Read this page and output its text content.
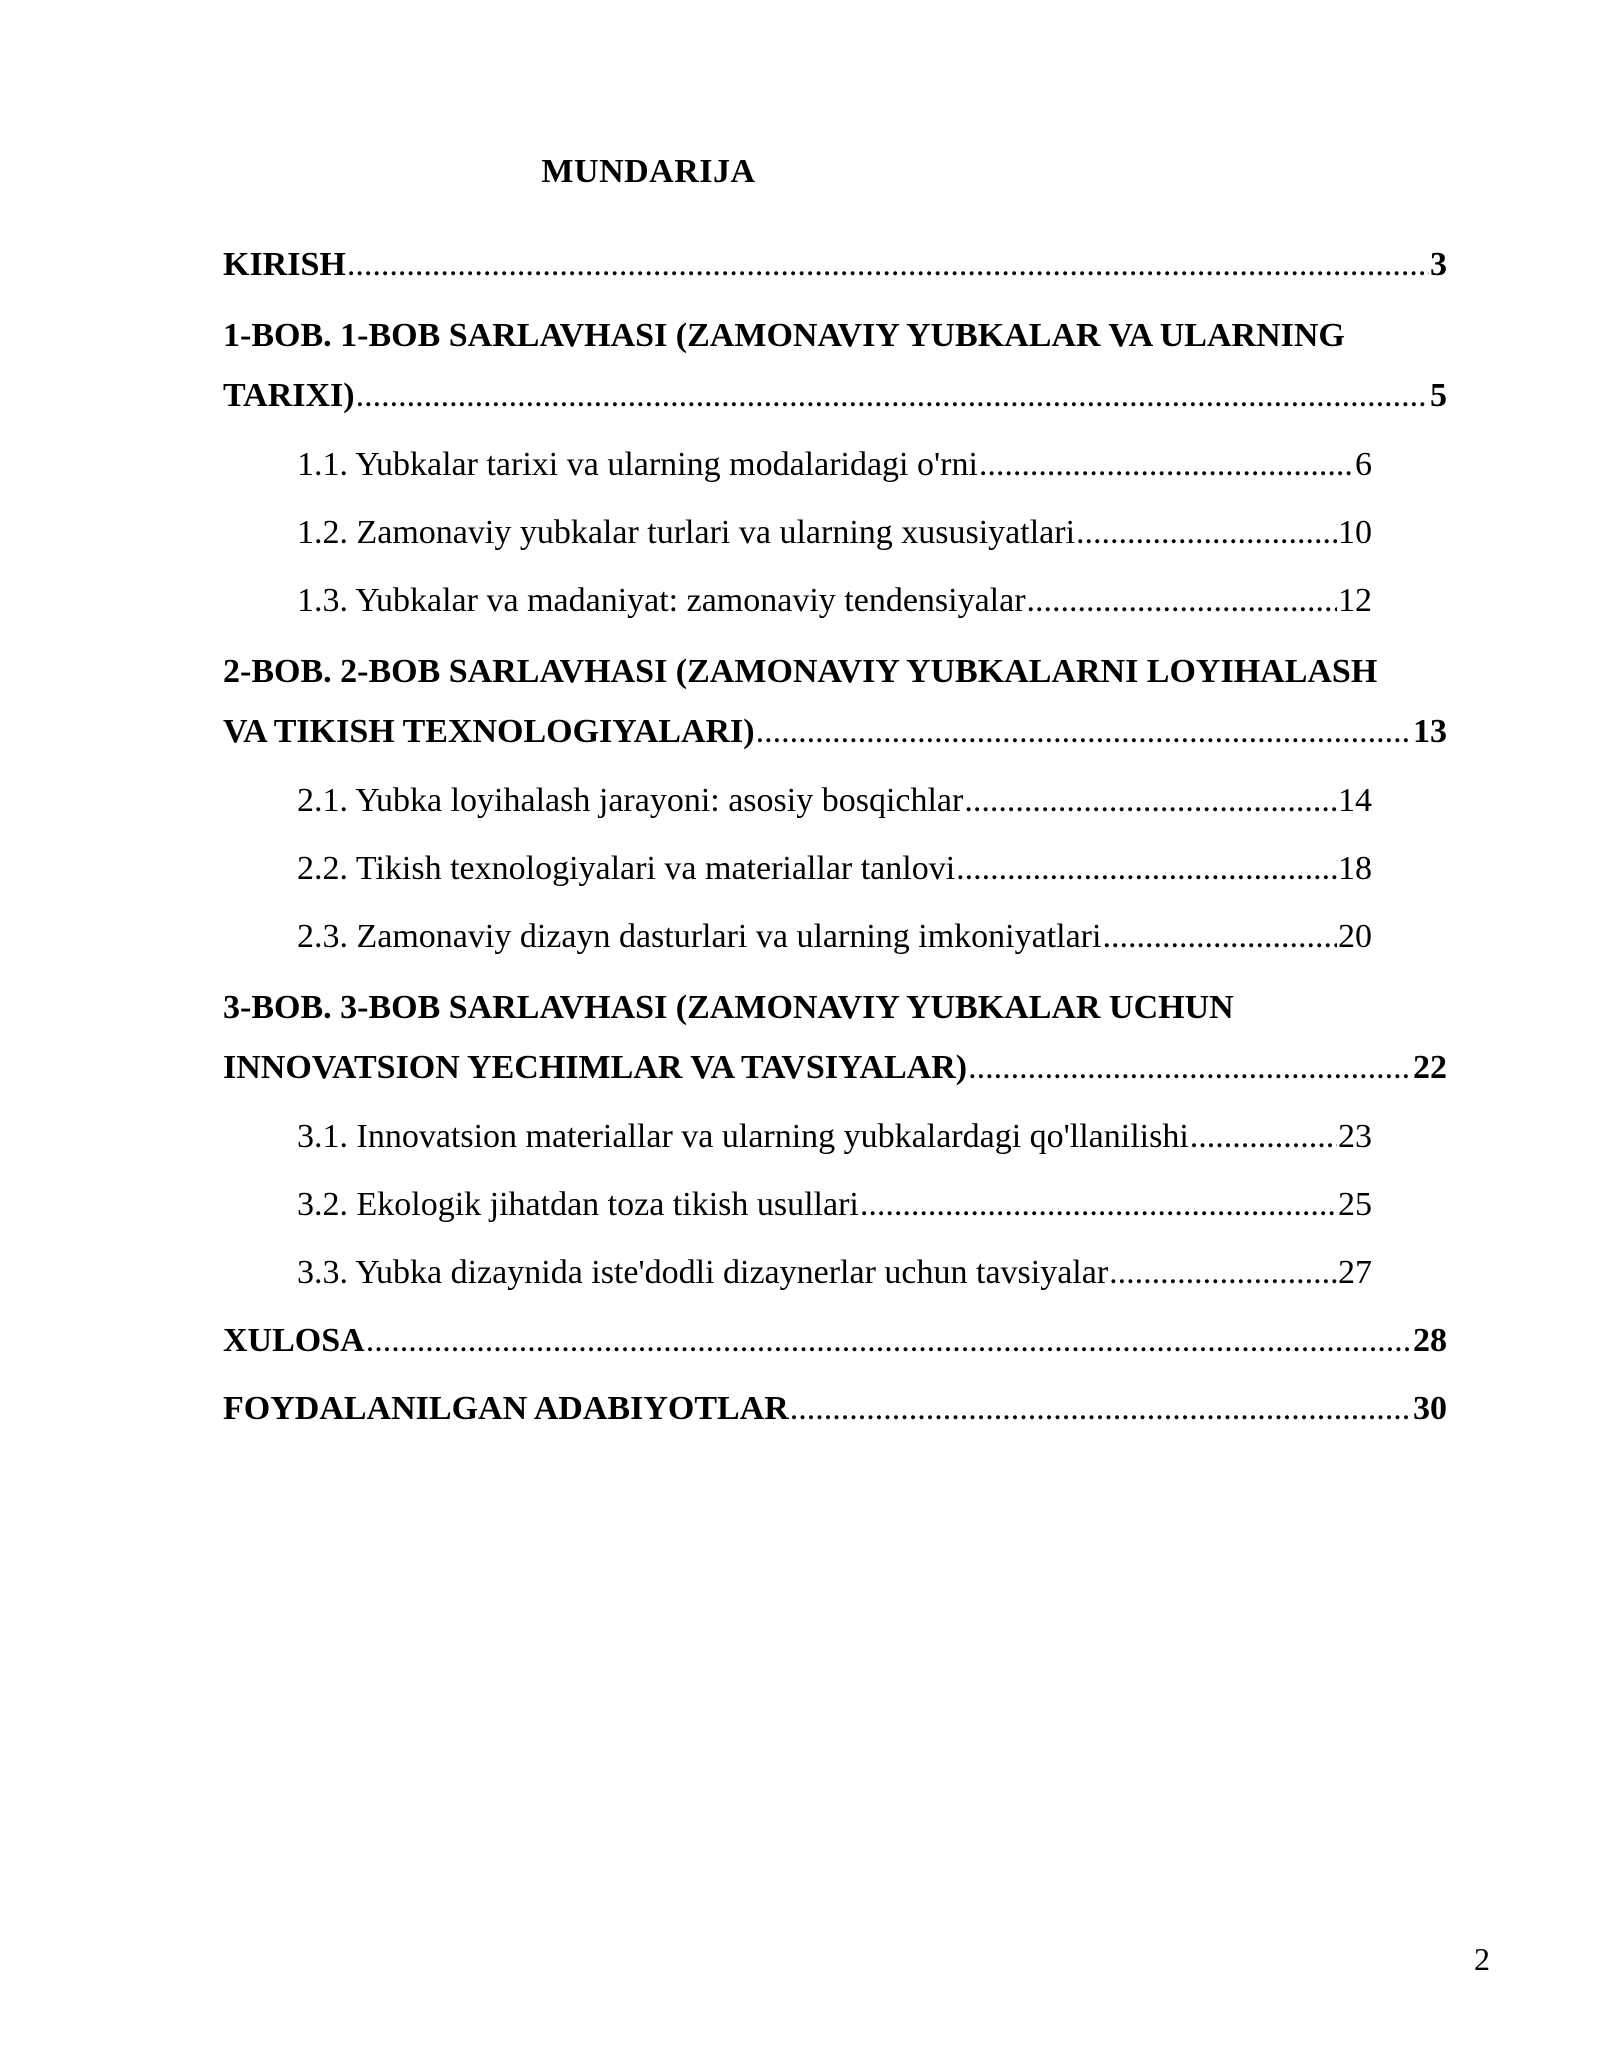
MUNDARIJA
KIRISH .....	3
1-BOB. 1-BOB SARLAVHASI (ZAMONAVIY YUBKALAR VA ULARNING
TARIXI) .....	5
1.1. Yubkalar tarixi va ularning modalaridagi o'rni .....	6
1.2. Zamonaviy yubkalar turlari va ularning xususiyatlari .....	10
1.3. Yubkalar va madaniyat: zamonaviy tendensiyalar .....	12
2-BOB. 2-BOB SARLAVHASI (ZAMONAVIY YUBKALARNI LOYIHALASH
VA TIKISH TEXNOLOGIYALARI) .....	13
2.1. Yubka loyihalash jarayoni: asosiy bosqichlar .....	14
2.2. Tikish texnologiyalari va materiallar tanlovi .....	18
2.3. Zamonaviy dizayn dasturlari va ularning imkoniyatlari .....	20
3-BOB. 3-BOB SARLAVHASI (ZAMONAVIY YUBKALAR UCHUN
INNOVATSION YECHIMLAR VA TAVSIYALAR) .....	22
3.1. Innovatsion materiallar va ularning yubkalardagi qo'llanilishi .....	23
3.2. Ekologik jihatdan toza tikish usullari .....	25
3.3. Yubka dizaynida iste'dodli dizaynerlar uchun tavsiyalar .....	27
XULOSA .....	28
FOYDALANILGAN ADABIYOTLAR .....	30
2
